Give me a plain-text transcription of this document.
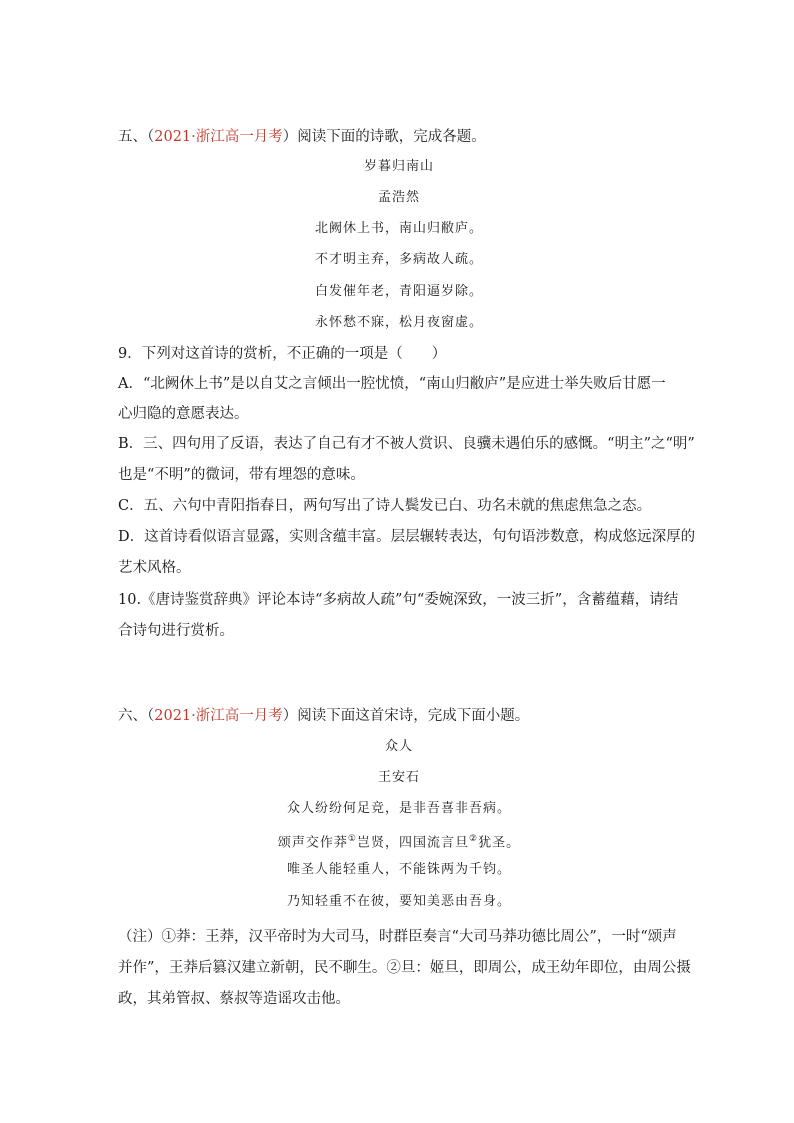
五、（2021·浙江高一月考）阅读下面的诗歌，完成各题。
岁暮归南山
孟浩然
北阙休上书，南山归敝庐。
不才明主弃，多病故人疏。
白发催年老，青阳逼岁除。
永怀愁不寐，松月夜窗虚。
9．下列对这首诗的赏析，不正确的一项是（　　）
A．“北阙休上书”是以自艾之言倾出一腔忧愤，“南山归敝庐”是应进士举失败后甘愿一
心归隐的意愿表达。
B．三、四句用了反语，表达了自己有才不被人赏识、良骥未遇伯乐的感慨。“明主”之“明”
也是“不明”的微词，带有埋怨的意味。
C．五、六句中青阳指春日，两句写出了诗人鬓发已白、功名未就的焦虑焦急之态。
D．这首诗看似语言显露，实则含蕴丰富。层层辗转表达，句句语涉数意，构成悠远深厚的
艺术风格。
10.《唐诗鉴赏辞典》评论本诗“多病故人疏”句“委婉深致，一波三折”，含蓄蕴藉，请结
合诗句进行赏析。
六、（2021·浙江高一月考）阅读下面这首宋诗，完成下面小题。
众人
王安石
众人纷纷何足竞，是非吾喜非吾病。
颂声交作莽①岂贤，四国流言旦②犹圣。
唯圣人能轻重人，不能铢两为千钧。
乃知轻重不在彼，要知美恶由吾身。
（注）①莽：王莽，汉平帝时为大司马，时群臣奏言“大司马莽功德比周公”，一时“颂声
并作”，王莽后篡汉建立新朝，民不聊生。②旦：姬旦，即周公，成王幼年即位，由周公摄
政，其弟管叔、蔡叔等造谣攻击他。
